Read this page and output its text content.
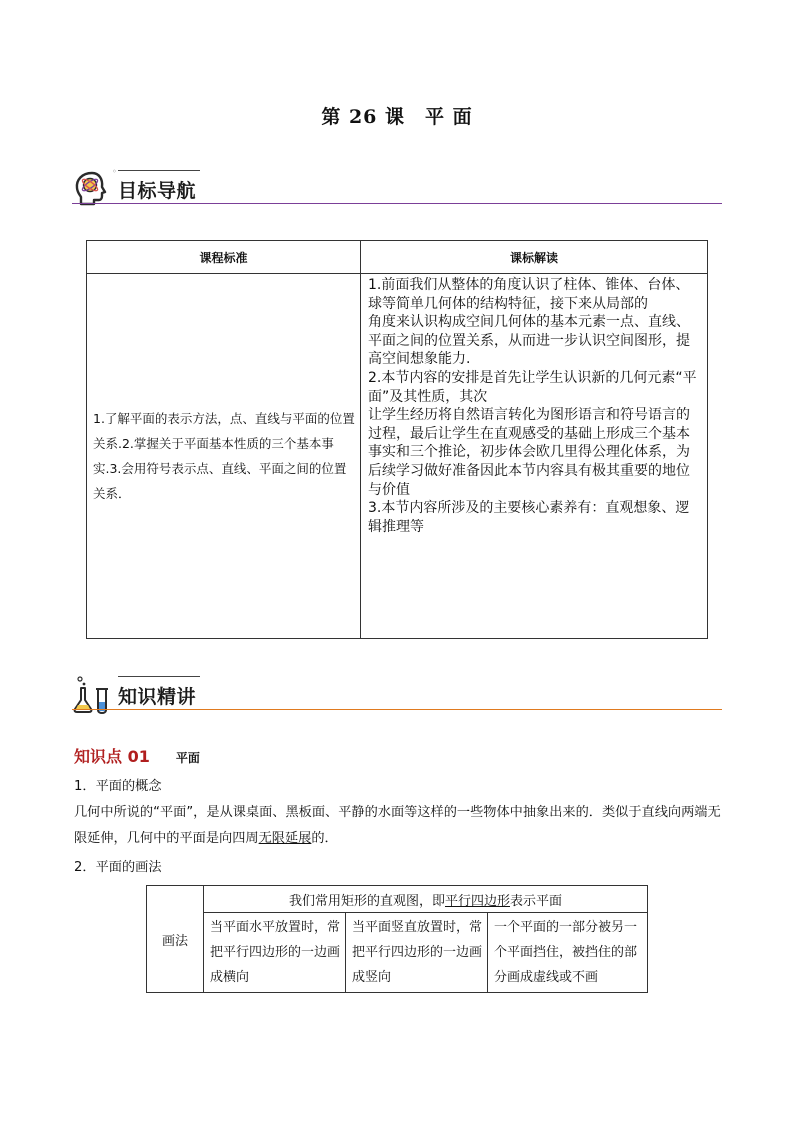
第 26 课　平 面
◦
目标导航
课程标准	课标解读
1.了解平面的表示方法，点、直线与平面的位置关系.2.掌握关于平面基本性质的三个基本事实.3.会用符号表示点、直线、平面之间的位置关系．	1.前面我们从整体的角度认识了柱体、锥体、台体、球等简单几何体的结构特征，接下来从局部的

角度来认识构成空间几何体的基本元素一点、直线、平面之间的位置关系，从而进一步认识空间图形，提高空间想象能力.

2.本节内容的安排是首先让学生认识新的几何元素“平面”及其性质，其次

让学生经历将自然语言转化为图形语言和符号语言的过程，最后让学生在直观感受的基础上形成三个基本事实和三个推论，初步体会欧几里得公理化体系，为后续学习做好准备因此本节内容具有极其重要的地位与价值

3.本节内容所涉及的主要核心素养有：直观想象、逻辑推理等

知识精讲
知识点 01 平面
1．平面的概念
几何中所说的“平面”，是从课桌面、黑板面、平静的水面等这样的一些物体中抽象出来的．类似于直线向两端无限延伸，几何中的平面是向四周无限延展的．
2．平面的画法
画法	我们常用矩形的直观图，即平行四边形表示平面		
	当平面水平放置时，常把平行四边形的一边画成横向	当平面竖直放置时，常把平行四边形的一边画成竖向	一个平面的一部分被另一个平面挡住，被挡住的部分画成虚线或不画
